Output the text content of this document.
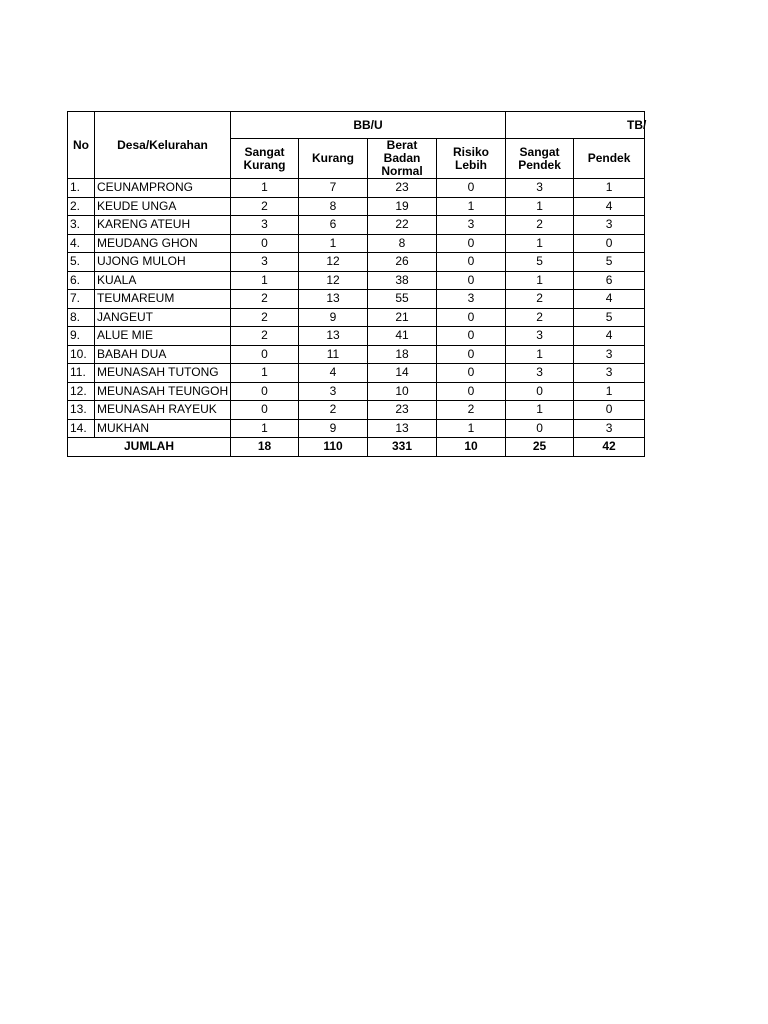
No	Desa/Kelurahan	BB/U				TB/	
		Sangat Kurang	Kurang	Berat Badan Normal	Risiko Lebih	Sangat Pendek	Pendek
1.	CEUNAMPRONG	1	7	23	0	3	1
2.	KEUDE UNGA	2	8	19	1	1	4
3.	KARENG ATEUH	3	6	22	3	2	3
4.	MEUDANG GHON	0	1	8	0	1	0
5.	UJONG MULOH	3	12	26	0	5	5
6.	KUALA	1	12	38	0	1	6
7.	TEUMAREUM	2	13	55	3	2	4
8.	JANGEUT	2	9	21	0	2	5
9.	ALUE MIE	2	13	41	0	3	4
10.	BABAH DUA	0	11	18	0	1	3
11.	MEUNASAH TUTONG	1	4	14	0	3	3
12.	MEUNASAH TEUNGOH	0	3	10	0	0	1
13.	MEUNASAH RAYEUK	0	2	23	2	1	0
14.	MUKHAN	1	9	13	1	0	3
JUMLAH		18	110	331	10	25	42
